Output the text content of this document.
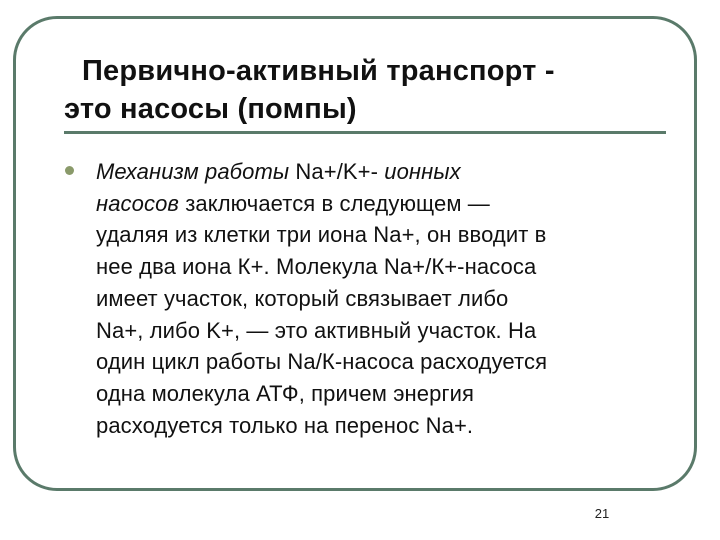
Первично-активный транспорт -
это насосы (помпы)

Механизм работы Na+/K+- ионных

насосов заключается в следующем —

удаляя из клетки три иона Na+, он вводит в

нее два иона К+. Молекула Na+/К+-насоса

имеет участок, который связывает либо

Na+, либо K+, — это активный участок. На

один цикл работы Na/К-насоса расходуется

одна молекула АТФ, причем энергия

расходуется только на перенос Na+.

21
